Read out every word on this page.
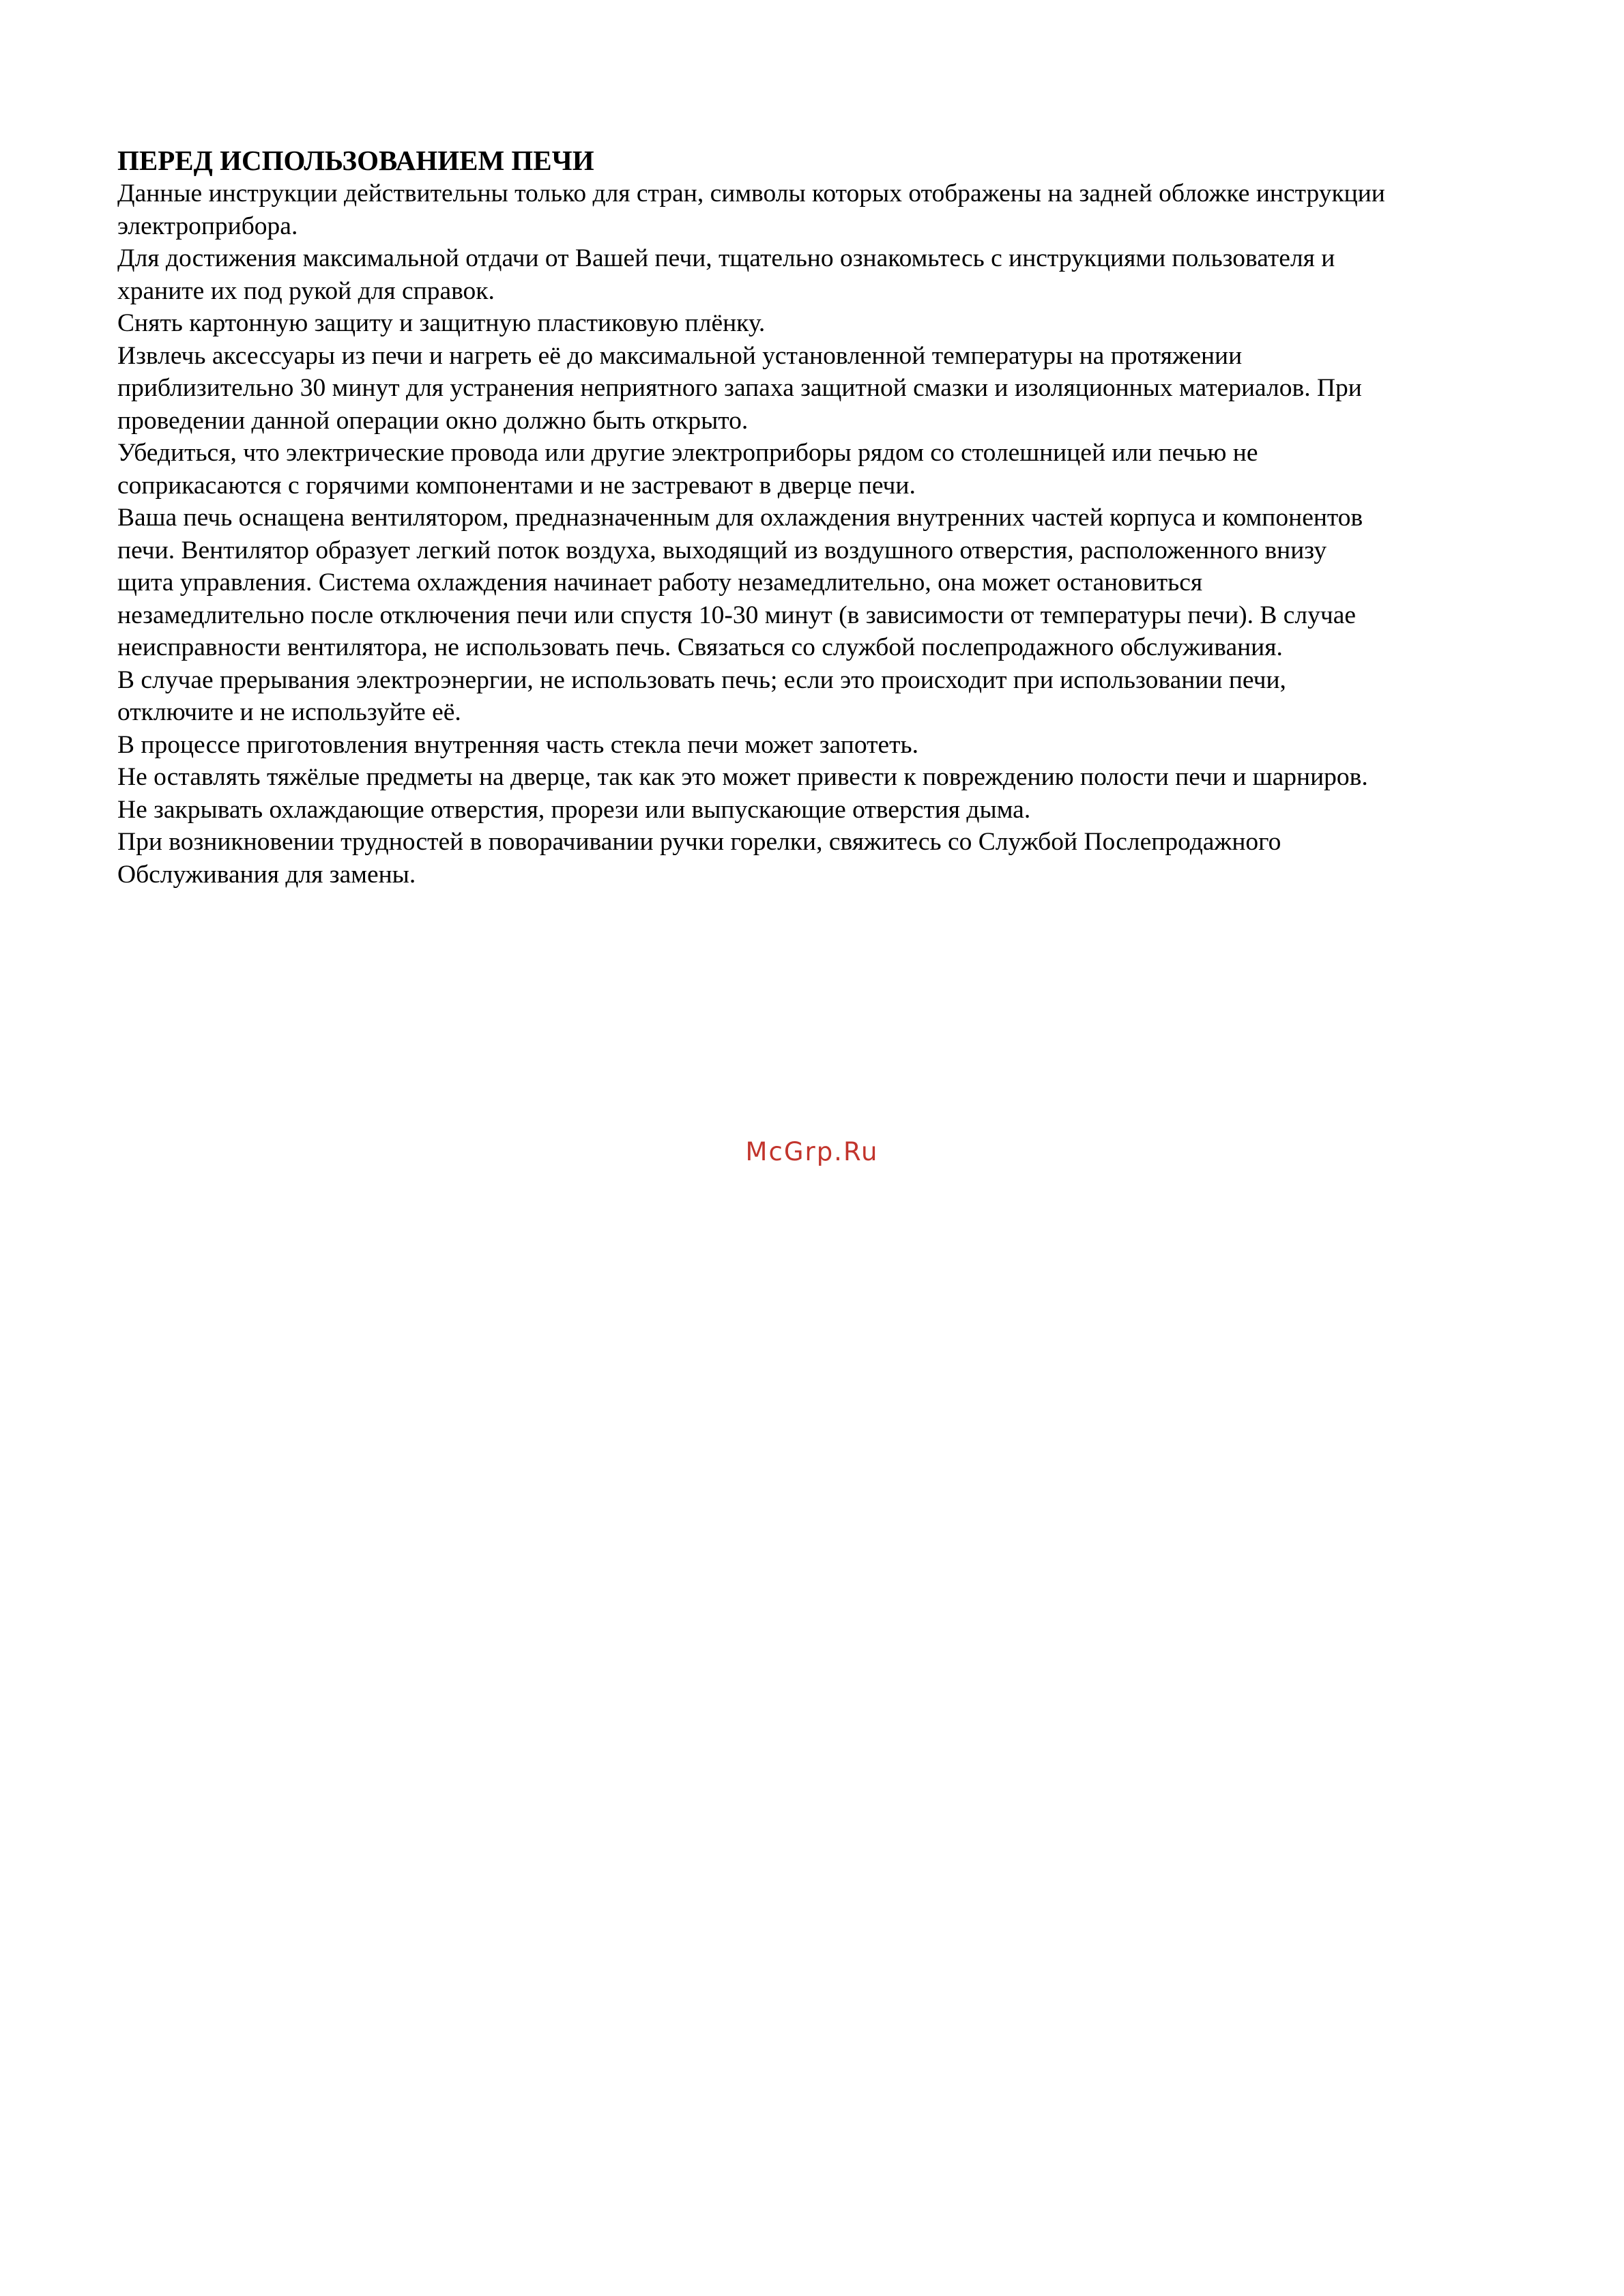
ПЕРЕД ИСПОЛЬЗОВАНИЕМ ПЕЧИ
Данные инструкции действительны только для стран, символы которых отображены на задней обложке инструкции
электроприбора.
Для достижения максимальной отдачи от Вашей печи, тщательно ознакомьтесь с инструкциями пользователя и
храните их под рукой для справок.
Снять картонную защиту и защитную пластиковую плёнку.
Извлечь аксессуары из печи и нагреть её до максимальной установленной температуры на протяжении
приблизительно 30 минут для устранения неприятного запаха защитной смазки и изоляционных материалов. При
проведении данной операции окно должно быть открыто.
Убедиться, что электрические провода или другие электроприборы рядом со столешницей или печью не
соприкасаются с горячими компонентами и не застревают в дверце печи.
Ваша печь оснащена вентилятором, предназначенным для охлаждения внутренних частей корпуса и компонентов
печи. Вентилятор образует легкий поток воздуха, выходящий из воздушного отверстия, расположенного внизу
щита управления. Система охлаждения начинает работу незамедлительно, она может остановиться
незамедлительно после отключения печи или спустя 10-30 минут (в зависимости от температуры печи). В случае
неисправности вентилятора, не использовать печь. Связаться со службой послепродажного обслуживания.
В случае прерывания электроэнергии, не использовать печь; если это происходит при использовании печи,
отключите и не используйте её.
В процессе приготовления внутренняя часть стекла печи может запотеть.
Не оставлять тяжёлые предметы на дверце, так как это может привести к повреждению полости печи и шарниров.
Не закрывать охлаждающие отверстия, прорези или выпускающие отверстия дыма.
При возникновении трудностей в поворачивании ручки горелки, свяжитесь со Службой Послепродажного
Обслуживания для замены.
McGrp.Ru
